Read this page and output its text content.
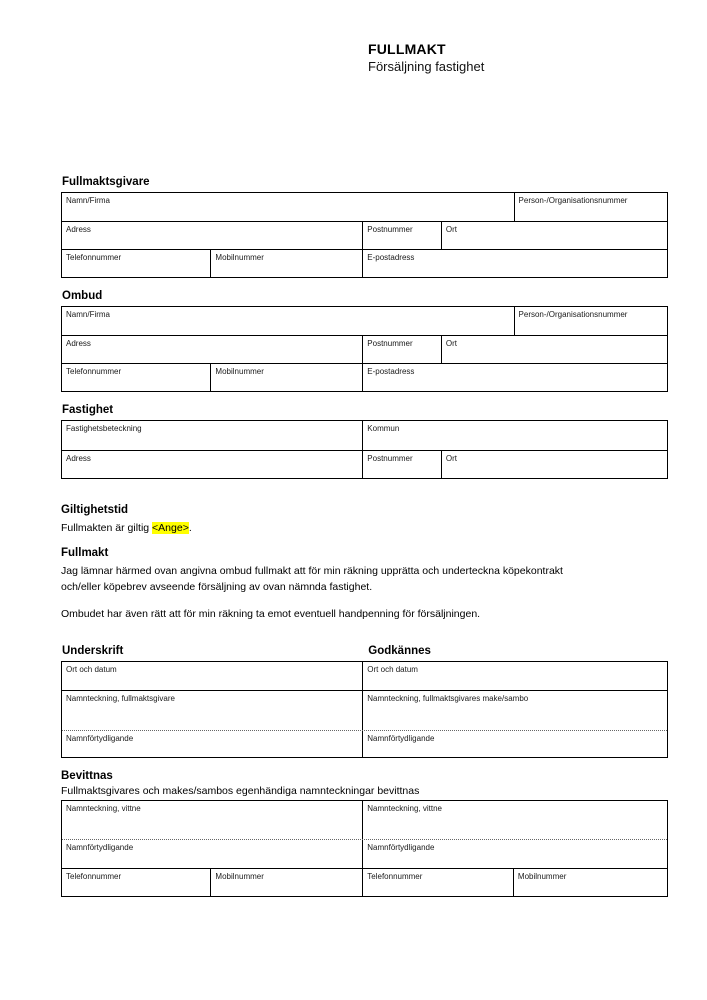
FULLMAKT
Försäljning fastighet
Fullmaktsgivare
Namn/Firma	Person-/Organisationsnummer
Adress	Postnummer	Ort
Telefonnummer	Mobilnummer	E-postadress
Ombud
Namn/Firma	Person-/Organisationsnummer
Adress	Postnummer	Ort
Telefonnummer	Mobilnummer	E-postadress
Fastighet
Fastighetsbeteckning	Kommun
Adress	Postnummer	Ort
Giltighetstid
Fullmakten är giltig <Ange>.
Fullmakt

Jag lämnar härmed ovan angivna ombud fullmakt att för min räkning upprätta och underteckna köpekontrakt
och/eller köpebrev avseende försäljning av ovan nämnda fastighet.

Ombudet har även rätt att för min räkning ta emot eventuell handpenning för försäljningen.

Underskrift	Godkännes
Ort och datum	Ort och datum
Namnteckning, fullmaktsgivare	Namnteckning, fullmaktsgivares make/sambo
Namnförtydligande	Namnförtydligande
Bevittnas
Fullmaktsgivares och makes/sambos egenhändiga namnteckningar bevittnas
Namnteckning, vittne	Namnteckning, vittne
Namnförtydligande	Namnförtydligande
Telefonnummer	Mobilnummer	Telefonnummer	Mobilnummer
